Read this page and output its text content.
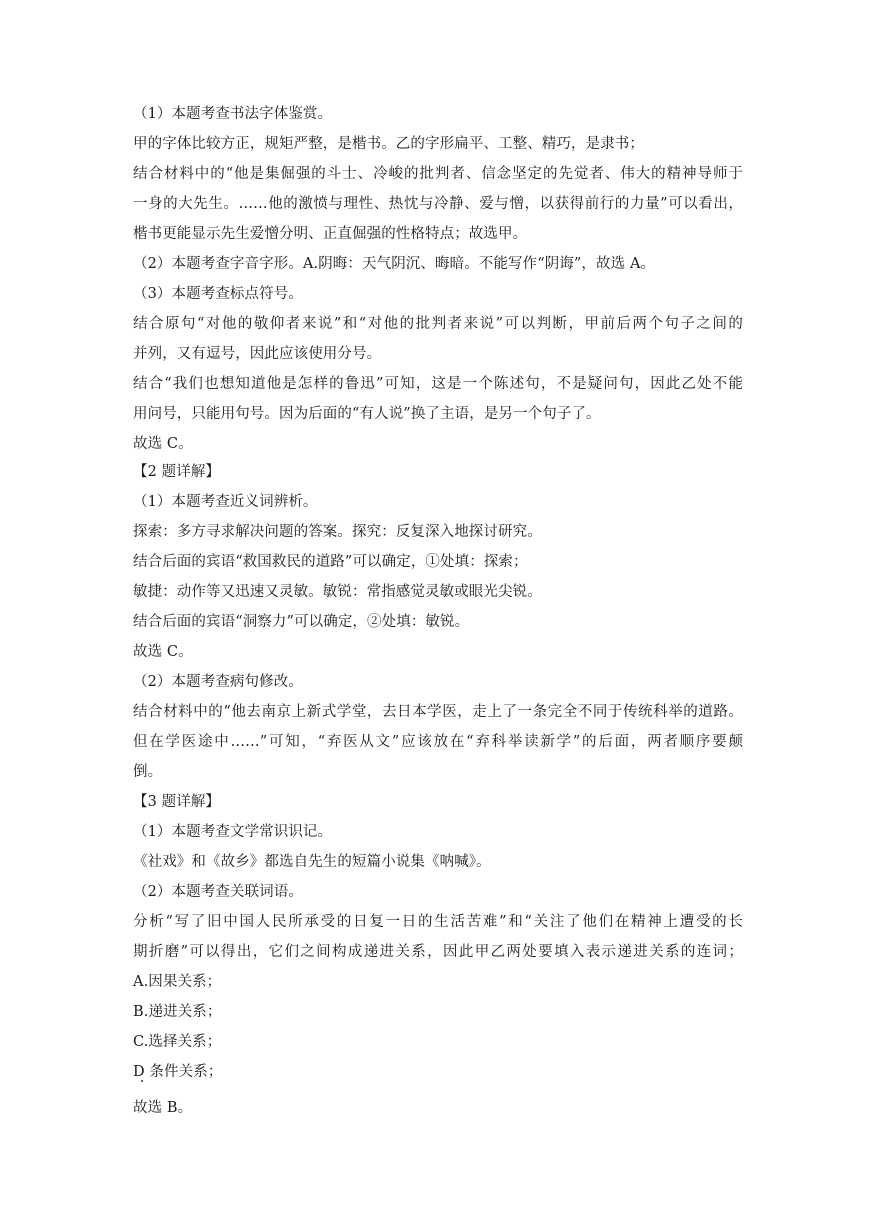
（1）本题考查书法字体鉴赏。
甲的字体比较方正，规矩严整，是楷书。乙的字形扁平、工整、精巧，是隶书；
结合材料中的“他是集倔强的斗士、冷峻的批判者、信念坚定的先觉者、伟大的精神导师于
一身的大先生。……他的激愤与理性、热忱与冷静、爱与憎，以获得前行的力量”可以看出，
楷书更能显示先生爱憎分明、正直倔强的性格特点；故选甲。
（2）本题考查字音字形。A.阴晦：天气阴沉、晦暗。不能写作“阴诲”，故选 A。
（3）本题考查标点符号。
结合原句“对他的敬仰者来说”和“对他的批判者来说”可以判断，甲前后两个句子之间的
并列，又有逗号，因此应该使用分号。
结合“我们也想知道他是怎样的鲁迅”可知，这是一个陈述句，不是疑问句，因此乙处不能
用问号，只能用句号。因为后面的“有人说”换了主语，是另一个句子了。
故选 C。
【2 题详解】
（1）本题考查近义词辨析。
探索：多方寻求解决问题的答案。探究：反复深入地探讨研究。
结合后面的宾语“救国救民的道路”可以确定，①处填：探索；
敏捷：动作等又迅速又灵敏。敏锐：常指感觉灵敏或眼光尖锐。
结合后面的宾语“洞察力”可以确定，②处填：敏锐。
故选 C。
（2）本题考查病句修改。
结合材料中的“他去南京上新式学堂，去日本学医，走上了一条完全不同于传统科举的道路。
但在学医途中……”可知，“弃医从文”应该放在“弃科举读新学”的后面，两者顺序要颠
倒。
【3 题详解】
（1）本题考查文学常识识记。
《社戏》和《故乡》都选自先生的短篇小说集《呐喊》。
（2）本题考查关联词语。
分析“写了旧中国人民所承受的日复一日的生活苦难”和“关注了他们在精神上遭受的长
期折磨”可以得出，它们之间构成递进关系，因此甲乙两处要填入表示递进关系的连词；
A.因果关系；
B.递进关系；
C.选择关系；
D 条件关系；
故选 B。
